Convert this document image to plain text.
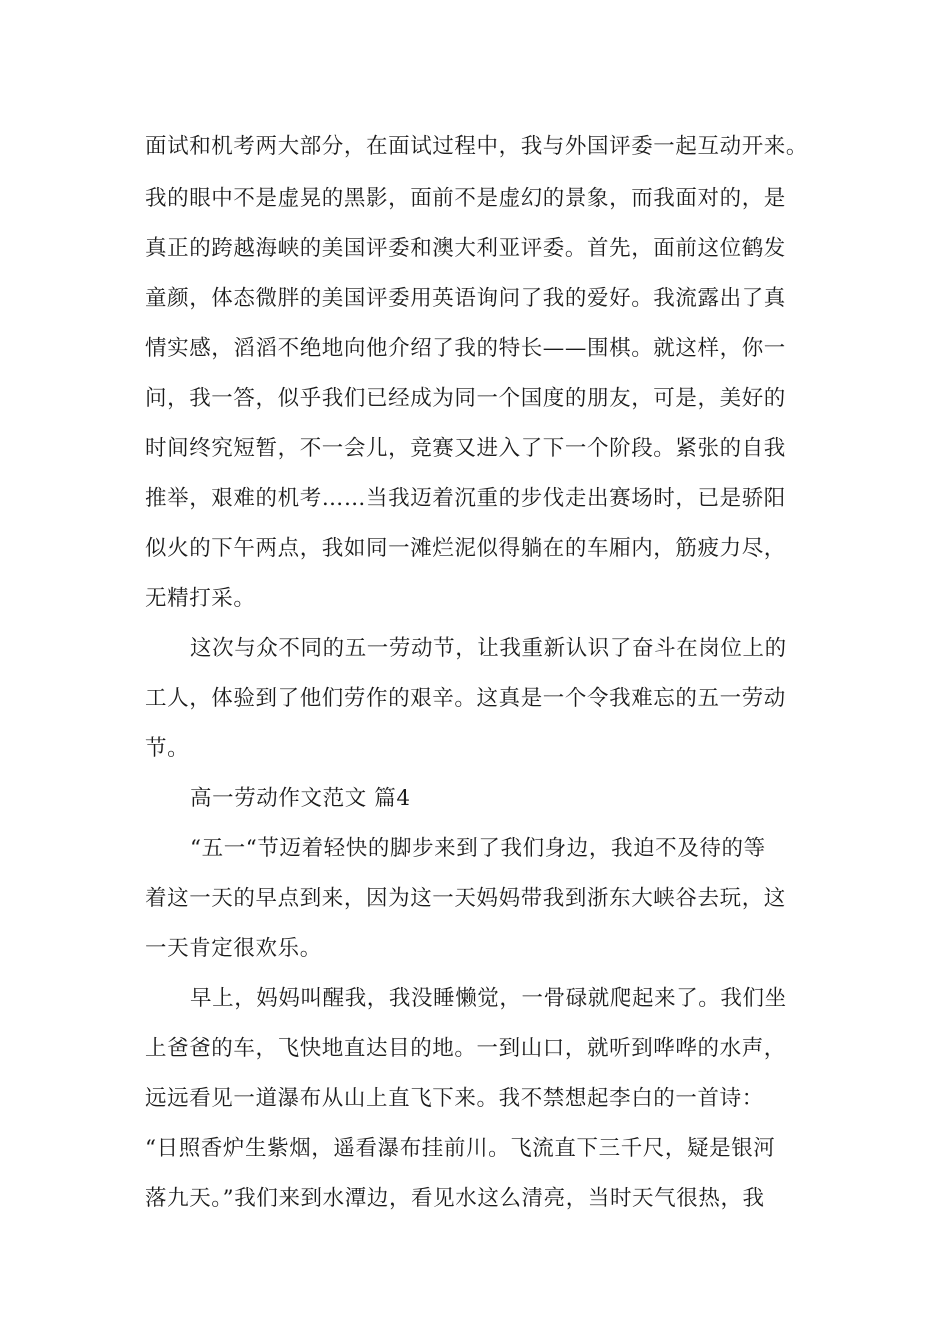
面试和机考两大部分，在面试过程中，我与外国评委一起互动开来。
我的眼中不是虚晃的黑影，面前不是虚幻的景象，而我面对的，是
真正的跨越海峡的美国评委和澳大利亚评委。首先，面前这位鹤发
童颜，体态微胖的美国评委用英语询问了我的爱好。我流露出了真
情实感，滔滔不绝地向他介绍了我的特长——围棋。就这样，你一
问，我一答，似乎我们已经成为同一个国度的朋友，可是，美好的
时间终究短暂，不一会儿，竞赛又进入了下一个阶段。紧张的自我
推举，艰难的机考……当我迈着沉重的步伐走出赛场时，已是骄阳
似火的下午两点，我如同一滩烂泥似得躺在的车厢内，筋疲力尽，
无精打采。
这次与众不同的五一劳动节，让我重新认识了奋斗在岗位上的
工人，体验到了他们劳作的艰辛。这真是一个令我难忘的五一劳动
节。
高一劳动作文范文 篇4
“五一“节迈着轻快的脚步来到了我们身边，我迫不及待的等
着这一天的早点到来，因为这一天妈妈带我到浙东大峡谷去玩，这
一天肯定很欢乐。
早上，妈妈叫醒我，我没睡懒觉，一骨碌就爬起来了。我们坐
上爸爸的车，飞快地直达目的地。一到山口，就听到哗哗的水声，
远远看见一道瀑布从山上直飞下来。我不禁想起李白的一首诗：
“日照香炉生紫烟，遥看瀑布挂前川。飞流直下三千尺，疑是银河
落九天。”我们来到水潭边，看见水这么清亮，当时天气很热，我
